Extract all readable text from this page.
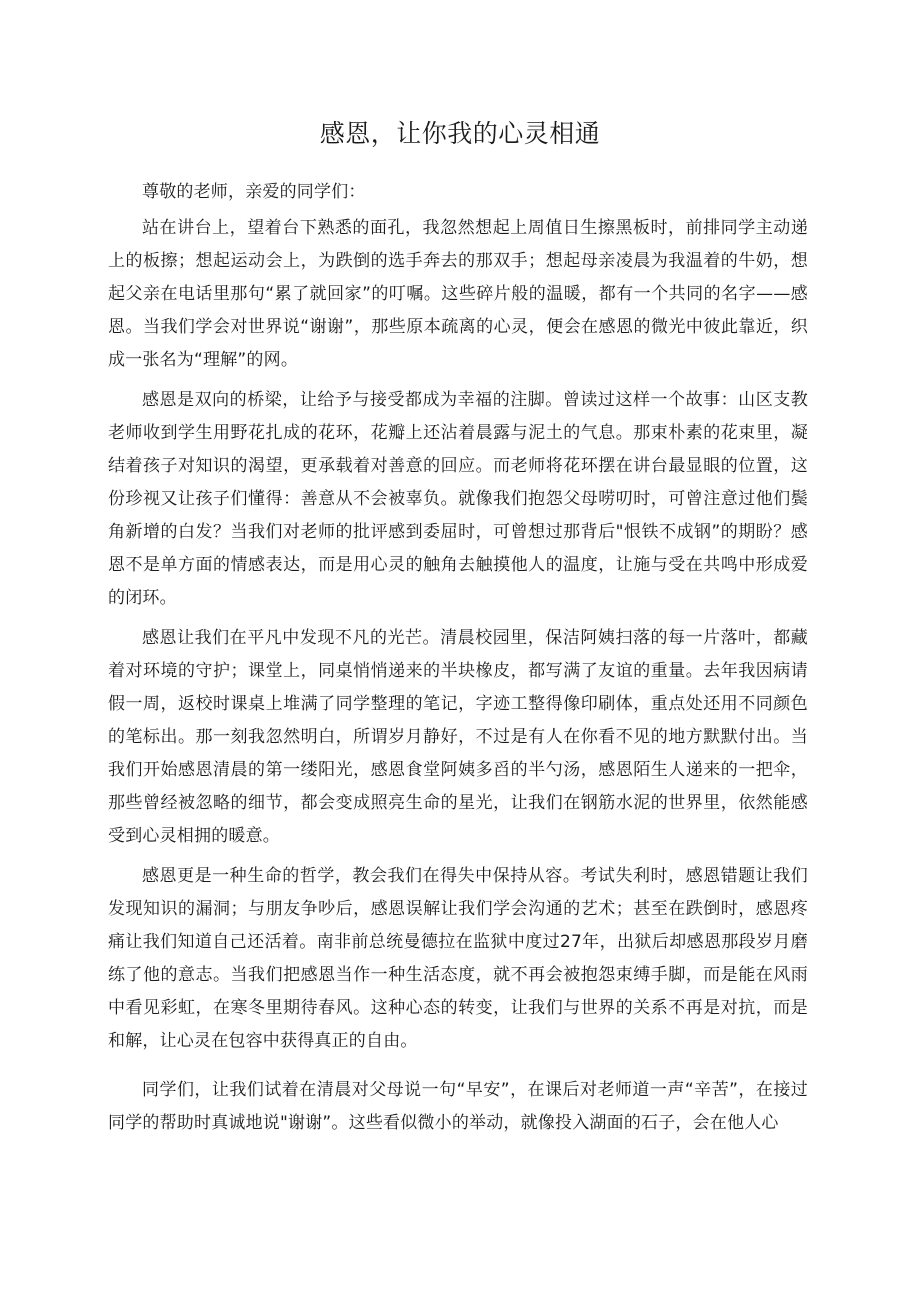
感恩，让你我的心灵相通

尊敬的老师，亲爱的同学们：

站在讲台上，望着台下熟悉的面孔，我忽然想起上周值日生擦黑板时，前排同学主动递上的板擦；想起运动会上，为跌倒的选手奔去的那双手；想起母亲凌晨为我温着的牛奶，想起父亲在电话里那句“累了就回家”的叮嘱。这些碎片般的温暖，都有一个共同的名字——感恩。当我们学会对世界说“谢谢”，那些原本疏离的心灵，便会在感恩的微光中彼此靠近，织成一张名为“理解”的网。

感恩是双向的桥梁，让给予与接受都成为幸福的注脚。曾读过这样一个故事：山区支教老师收到学生用野花扎成的花环，花瓣上还沾着晨露与泥土的气息。那束朴素的花束里，凝结着孩子对知识的渴望，更承载着对善意的回应。而老师将花环摆在讲台最显眼的位置，这份珍视又让孩子们懂得：善意从不会被辜负。就像我们抱怨父母唠叨时，可曾注意过他们鬓角新增的白发？当我们对老师的批评感到委屈时，可曾想过那背后"恨铁不成钢”的期盼？感恩不是单方面的情感表达，而是用心灵的触角去触摸他人的温度，让施与受在共鸣中形成爱的闭环。

感恩让我们在平凡中发现不凡的光芒。清晨校园里，保洁阿姨扫落的每一片落叶，都藏着对环境的守护；课堂上，同桌悄悄递来的半块橡皮，都写满了友谊的重量。去年我因病请假一周，返校时课桌上堆满了同学整理的笔记，字迹工整得像印刷体，重点处还用不同颜色的笔标出。那一刻我忽然明白，所谓岁月静好，不过是有人在你看不见的地方默默付出。当我们开始感恩清晨的第一缕阳光，感恩食堂阿姨多舀的半勺汤，感恩陌生人递来的一把伞，那些曾经被忽略的细节，都会变成照亮生命的星光，让我们在钢筋水泥的世界里，依然能感受到心灵相拥的暖意。

感恩更是一种生命的哲学，教会我们在得失中保持从容。考试失利时，感恩错题让我们发现知识的漏洞；与朋友争吵后，感恩误解让我们学会沟通的艺术；甚至在跌倒时，感恩疼痛让我们知道自己还活着。南非前总统曼德拉在监狱中度过27年，出狱后却感恩那段岁月磨练了他的意志。当我们把感恩当作一种生活态度，就不再会被抱怨束缚手脚，而是能在风雨中看见彩虹，在寒冬里期待春风。这种心态的转变，让我们与世界的关系不再是对抗，而是和解，让心灵在包容中获得真正的自由。

同学们，让我们试着在清晨对父母说一句“早安”，在课后对老师道一声“辛苦”，在接过同学的帮助时真诚地说"谢谢”。这些看似微小的举动，就像投入湖面的石子，会在他人心
